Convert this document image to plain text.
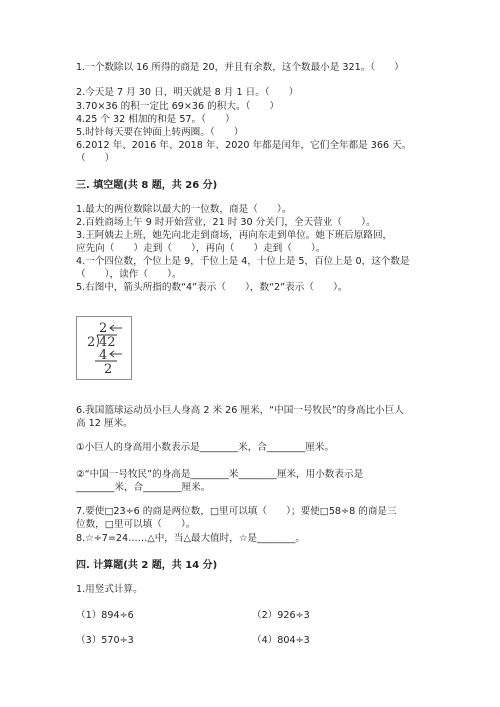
1.一个数除以 16 所得的商是 20，并且有余数，这个数最小是 321。（　　）
2.今天是 7 月 30 日，明天就是 8 月 1 日。（　　）
3.70×36 的积一定比 69×36 的积大。（　　）
4.25 个 32 相加的和是 57。（　　）
5.时针每天要在钟面上转两圈。（　　）
6.2012 年、2016 年、2018 年、2020 年都是闰年，它们全年都是 366 天。
（　　）
三. 填空题(共 8 题，共 26 分)
1.最大的两位数除以最大的一位数，商是（　　）。
2.百姓商场上午 9 时开始营业，21 时 30 分关门，全天营业（　　）。
3.王阿姨去上班，她先向北走到商场，再向东走到单位。她下班后原路回，
应先向（　　）走到（　　），再向（　　）走到（　　）。
4.一个四位数，个位上是 9，千位上是 4，十位上是 5，百位上是 0，这个数是
（　　），读作（　　）。
5.右图中，箭头所指的数“4”表示（　　），数“2”表示（　　）。
2
2 42
4
2
6.我国篮球运动员小巨人身高 2 米 26 厘米，“中国一号牧民”的身高比小巨人
高 12 厘米。
①小巨人的身高用小数表示是________米，合________厘米。
②“中国一号牧民”的身高是________米________厘米，用小数表示是
________米，合________厘米。
7.要使□23÷6 的商是两位数，□里可以填（　　）；要使□58÷8 的商是三
位数，□里可以填（　　）。
8.☆÷7=24……△中，当△最大值时，☆是________。
四. 计算题(共 2 题，共 14 分)
1.用竖式计算。
（1）894÷6	（2）926÷3
（3）570÷3	（4）804÷3
